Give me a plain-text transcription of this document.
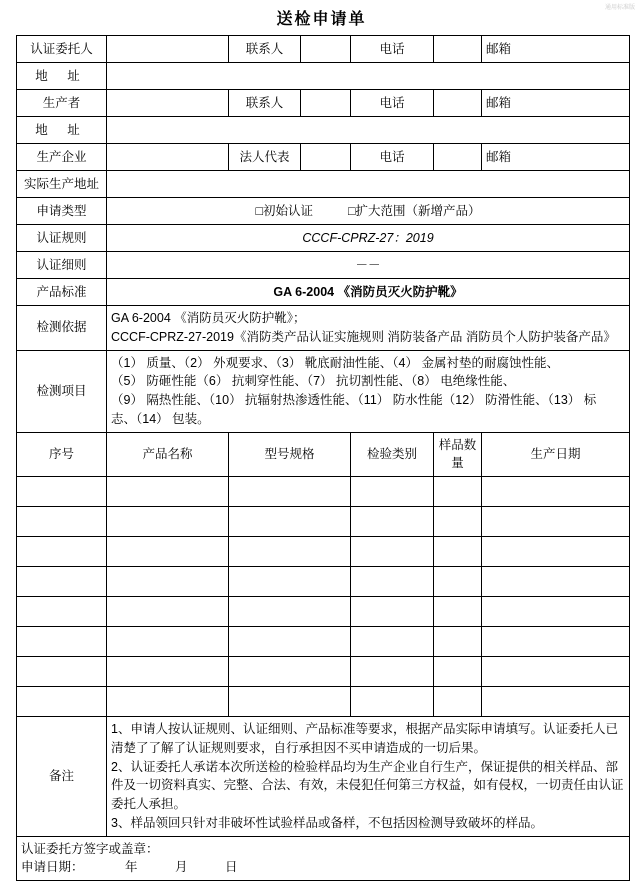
通用标准版
送检申请单
认证委托人		联系人		电话		邮箱
地 址						
生产者		联系人		电话		邮箱
地 址						
生产企业		法人代表		电话		邮箱
实际生产地址						
申请类型	□初始认证 □扩大范围（新增产品）					
认证规则	CCCF-CPRZ-27：2019					
认证细则	－－					
产品标准	GA 6-2004 《消防员灭火防护靴》					
检测依据	GA 6-2004 《消防员灭火防护靴》；
CCCF-CPRZ-27-2019《消防类产品认证实施规则 消防装备产品 消防员个人防护装备产品》					

检测项目	（1） 质量、（2） 外观要求、（3） 靴底耐油性能、（4） 金属衬垫的耐腐蚀性能、
（5） 防砸性能（6） 抗刺穿性能、（7） 抗切割性能、（8） 电绝缘性能、
（9） 隔热性能、（10） 抗辐射热渗透性能、（11） 防水性能（12） 防滑性能、（13） 标
志、（14） 包装。					

序号	产品名称	型号规格		检验类别	样品数量	生产日期

备注	
1、申请人按认证规则、认证细则、产品标准等要求，根据产品实际申请填写。认证委托人已
清楚了了解了认证规则要求，自行承担因不买申请造成的一切后果。
2、认证委托人承诺本次所送检的检验样品均为生产企业自行生产，保证提供的相关样品、部
件及一切资料真实、完整、合法、有效，未侵犯任何第三方权益，如有侵权，一切责任由认证
委托人承担。
3、样品领回只针对非破坏性试验样品或备样，不包括因检测导致破坏的样品。

认证委托方签字或盖章：
申请日期： 年 月 日						
